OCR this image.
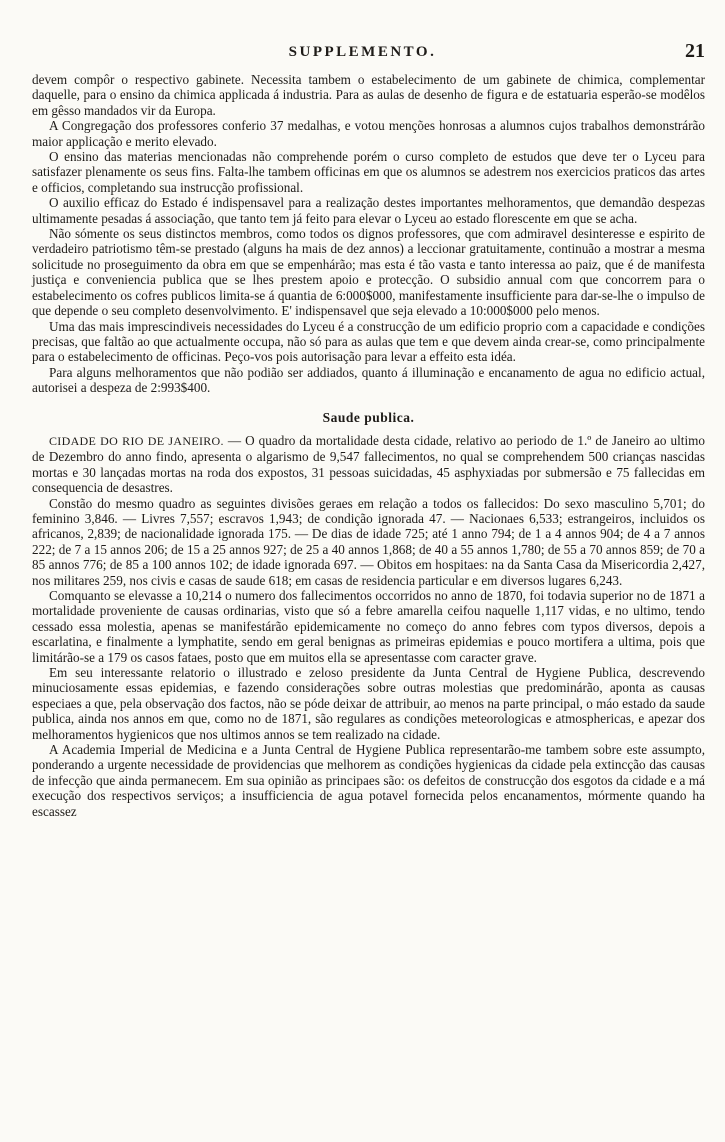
SUPPLEMENTO.	21

devem compôr o respectivo gabinete. Necessita tambem o estabelecimento de um gabinete de chimica, complementar daquelle, para o ensino da chimica applicada á industria. Para as aulas de desenho de figura e de estatuaria esperão-se modêlos em gêsso mandados vir da Europa.

A Congregação dos professores conferio 37 medalhas, e votou menções honrosas a alumnos cujos trabalhos demonstrárão maior applicação e merito elevado.

O ensino das materias mencionadas não comprehende porém o curso completo de estudos que deve ter o Lyceu para satisfazer plenamente os seus fins. Falta-lhe tambem officinas em que os alumnos se adestrem nos exercicios praticos das artes e officios, completando sua instrucção profissional.

O auxilio efficaz do Estado é indispensavel para a realização destes importantes melhoramentos, que demandão despezas ultimamente pesadas á associação, que tanto tem já feito para elevar o Lyceu ao estado florescente em que se acha.

Não sómente os seus distinctos membros, como todos os dignos professores, que com admiravel desinteresse e espirito de verdadeiro patriotismo têm-se prestado (alguns ha mais de dez annos) a leccionar gratuitamente, continuão a mostrar a mesma solicitude no proseguimento da obra em que se empenhárão; mas esta é tão vasta e tanto interessa ao paiz, que é de manifesta justiça e conveniencia publica que se lhes prestem apoio e protecção. O subsidio annual com que concorrem para o estabelecimento os cofres publicos limita-se á quantia de 6:000$000, manifestamente insufficiente para dar-se-lhe o impulso de que depende o seu completo desenvolvimento. E' indispensavel que seja elevado a 10:000$000 pelo menos.

Uma das mais imprescindiveis necessidades do Lyceu é a construcção de um edificio proprio com a capacidade e condições precisas, que faltão ao que actualmente occupa, não só para as aulas que tem e que devem ainda crear-se, como principalmente para o estabelecimento de officinas. Peço-vos pois autorisação para levar a effeito esta idéa.

Para alguns melhoramentos que não podião ser addiados, quanto á illuminação e encanamento de agua no edificio actual, autorisei a despeza de 2:993$400.

Saude publica.

CIDADE DO RIO DE JANEIRO. — O quadro da mortalidade desta cidade, relativo ao periodo de 1.º de Janeiro ao ultimo de Dezembro do anno findo, apresenta o algarismo de 9,547 fallecimentos, no qual se comprehendem 500 crianças nascidas mortas e 30 lançadas mortas na roda dos expostos, 31 pessoas suicidadas, 45 asphyxiadas por submersão e 75 fallecidas em consequencia de desastres.

Constão do mesmo quadro as seguintes divisões geraes em relação a todos os fallecidos: Do sexo masculino 5,701; do feminino 3,846. — Livres 7,557; escravos 1,943; de condição ignorada 47. — Nacionaes 6,533; estrangeiros, incluidos os africanos, 2,839; de nacionalidade ignorada 175. — De dias de idade 725; até 1 anno 794; de 1 a 4 annos 904; de 4 a 7 annos 222; de 7 a 15 annos 206; de 15 a 25 annos 927; de 25 a 40 annos 1,868; de 40 a 55 annos 1,780; de 55 a 70 annos 859; de 70 a 85 annos 776; de 85 a 100 annos 102; de idade ignorada 697. — Obitos em hospitaes: na da Santa Casa da Misericordia 2,427, nos militares 259, nos civis e casas de saude 618; em casas de residencia particular e em diversos lugares 6,243.

Comquanto se elevasse a 10,214 o numero dos fallecimentos occorridos no anno de 1870, foi todavia superior no de 1871 a mortalidade proveniente de causas ordinarias, visto que só a febre amarella ceifou naquelle 1,117 vidas, e no ultimo, tendo cessado essa molestia, apenas se manifestárão epidemicamente no começo do anno febres com typos diversos, depois a escarlatina, e finalmente a lymphatite, sendo em geral benignas as primeiras epidemias e pouco mortifera a ultima, pois que limitárão-se a 179 os casos fataes, posto que em muitos ella se apresentasse com caracter grave.

Em seu interessante relatorio o illustrado e zeloso presidente da Junta Central de Hygiene Publica, descrevendo minuciosamente essas epidemias, e fazendo considerações sobre outras molestias que predominárão, aponta as causas especiaes a que, pela observação dos factos, não se póde deixar de attribuir, ao menos na parte principal, o máo estado da saude publica, ainda nos annos em que, como no de 1871, são regulares as condições meteorologicas e atmosphericas, e apezar dos melhoramentos hygienicos que nos ultimos annos se tem realizado na cidade.

A Academia Imperial de Medicina e a Junta Central de Hygiene Publica representarão-me tambem sobre este assumpto, ponderando a urgente necessidade de providencias que melhorem as condições hygienicas da cidade pela extincção das causas de infecção que ainda permanecem. Em sua opinião as principaes são: os defeitos de construcção dos esgotos da cidade e a má execução dos respectivos serviços; a insufficiencia de agua potavel fornecida pelos encanamentos, mórmente quando ha escassez
